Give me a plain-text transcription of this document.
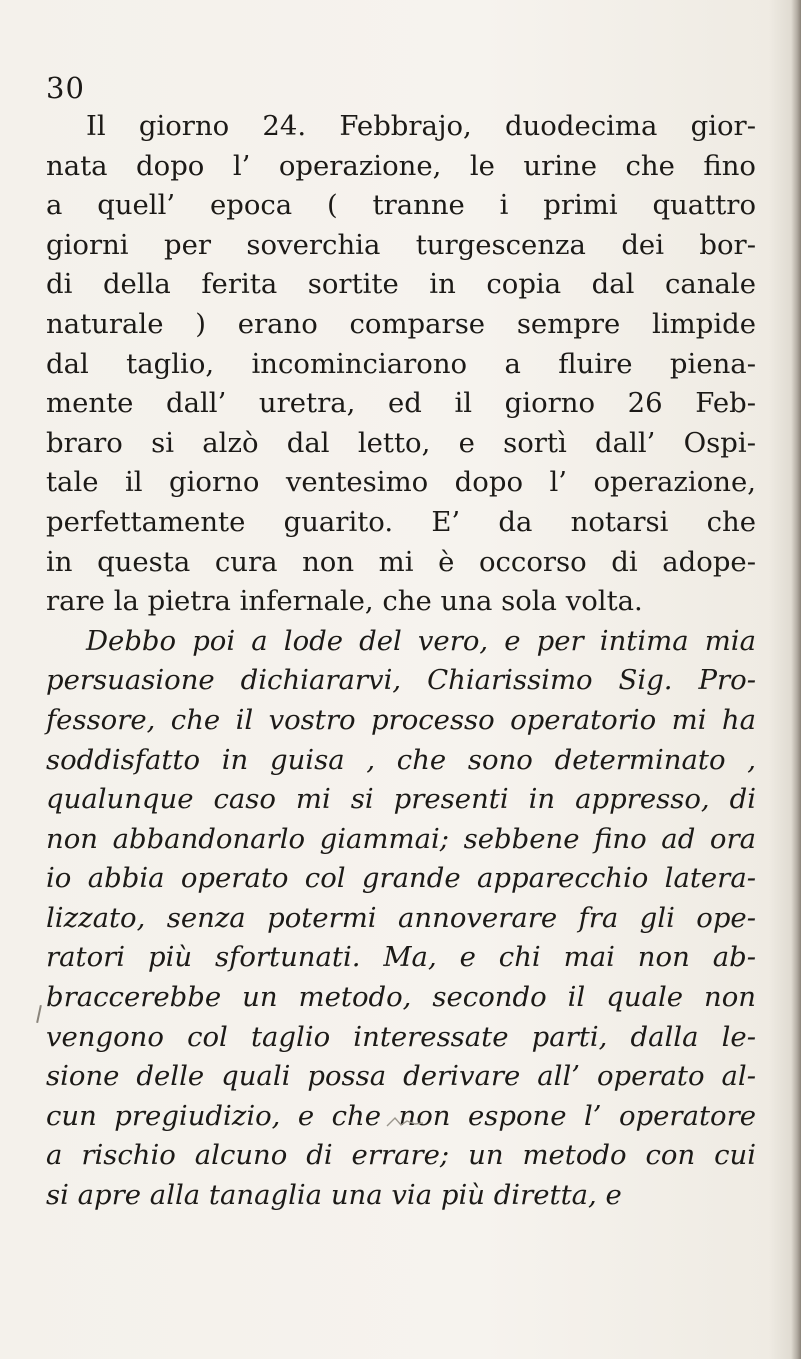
30
Il giorno 24. Febbrajo, duodecima gior-
nata dopo l’ operazione, le urine che fino
a quell’ epoca ( tranne i primi quattro
giorni per soverchia turgescenza dei bor-
di della ferita sortite in copia dal canale
naturale ) erano comparse sempre limpide
dal taglio, incominciarono a fluire piena-
mente dall’ uretra, ed il giorno 26 Feb-
braro si alzò dal letto, e sortì dall’ Ospi-
tale il giorno ventesimo dopo l’ operazione,
perfettamente guarito. E’ da notarsi che
in questa cura non mi è occorso di adope-
rare la pietra infernale, che una sola volta.
Debbo poi a lode del vero, e per intima mia
persuasione dichiararvi, Chiarissimo Sig. Pro-
fessore, che il vostro processo operatorio mi ha
soddisfatto in guisa , che sono determinato ,
qualunque caso mi si presenti in appresso, di
non abbandonarlo giammai; sebbene fino ad ora
io abbia operato col grande apparecchio latera-
lizzato, senza potermi annoverare fra gli ope-
ratori più sfortunati. Ma, e chi mai non ab-
braccerebbe un metodo, secondo il quale non
vengono col taglio interessate parti, dalla le-
sione delle quali possa derivare all’ operato al-
cun pregiudizio, e che non espone l’ operatore
a rischio alcuno di errare; un metodo con cui
si apre alla tanaglia una via più diretta, e
